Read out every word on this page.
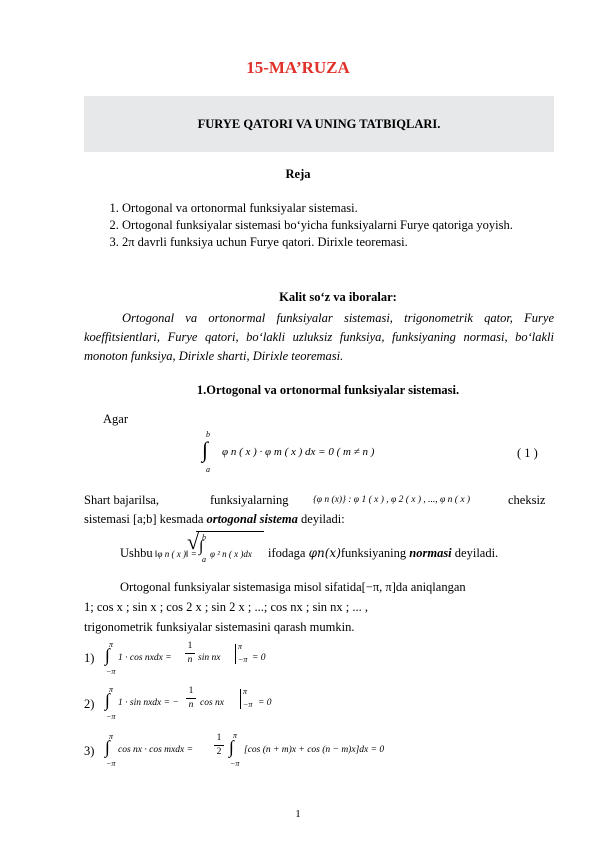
15-MA’RUZA
FURYE QATORI VA UNING TATBIQLARI.
Reja
1. Ortogonal va ortonormal funksiyalar sistemasi.
2. Ortogonal funksiyalar sistemasi bo‘yicha funksiyalarni Furye qatoriga yoyish.
3. 2π davrli funksiya uchun Furye qatori. Dirixle teoremasi.
Kalit so‘z va iboralar:
Ortogonal va ortonormal funksiyalar sistemasi, trigonometrik qator, Furye koeffitsientlari, Furye qatori, bo‘lakli uzluksiz funksiya, funksiyaning normasi, bo‘lakli monoton funksiya, Dirixle sharti, Dirixle teoremasi.
1.Ortogonal va ortonormal funksiyalar sistemasi.
Agar
b
∫
a
φ n ( x ) · φ m ( x ) dx = 0 ( m ≠ n )	( 1 )
Shart bajarilsa,	funksiyalarning	{φ n (x)} : φ 1 ( x ) , φ 2 ( x ) , ..., φ n ( x )	cheksiz
sistemasi [a;b] kesmada ortogonal sistema deyiladi:
Ushbu ‖φ n ( x )‖ =
√ b
∫
a
φ ² n ( x )dx ifodaga φn(x)funksiyaning normasi deyiladi.
Ortogonal funksiyalar sistemasiga misol sifatida[−π, π]da aniqlangan
1; cos x ; sin x ; cos 2 x ; sin 2 x ; ...; cos nx ; sin nx ; ... ,
trigonometrik funksiyalar sistemasini qarash mumkin.
1)
π
∫
−π
1 · cos nxdx =
1
n sin nx
π
−π = 0
2)
π
∫
−π
1 · sin nxdx = −
1
n cos nx
π
−π = 0
3)
π
∫
−π
cos nx · cos mxdx =
1
2
π
∫
−π
[cos (n + m)x + cos (n − m)x]dx = 0
1
